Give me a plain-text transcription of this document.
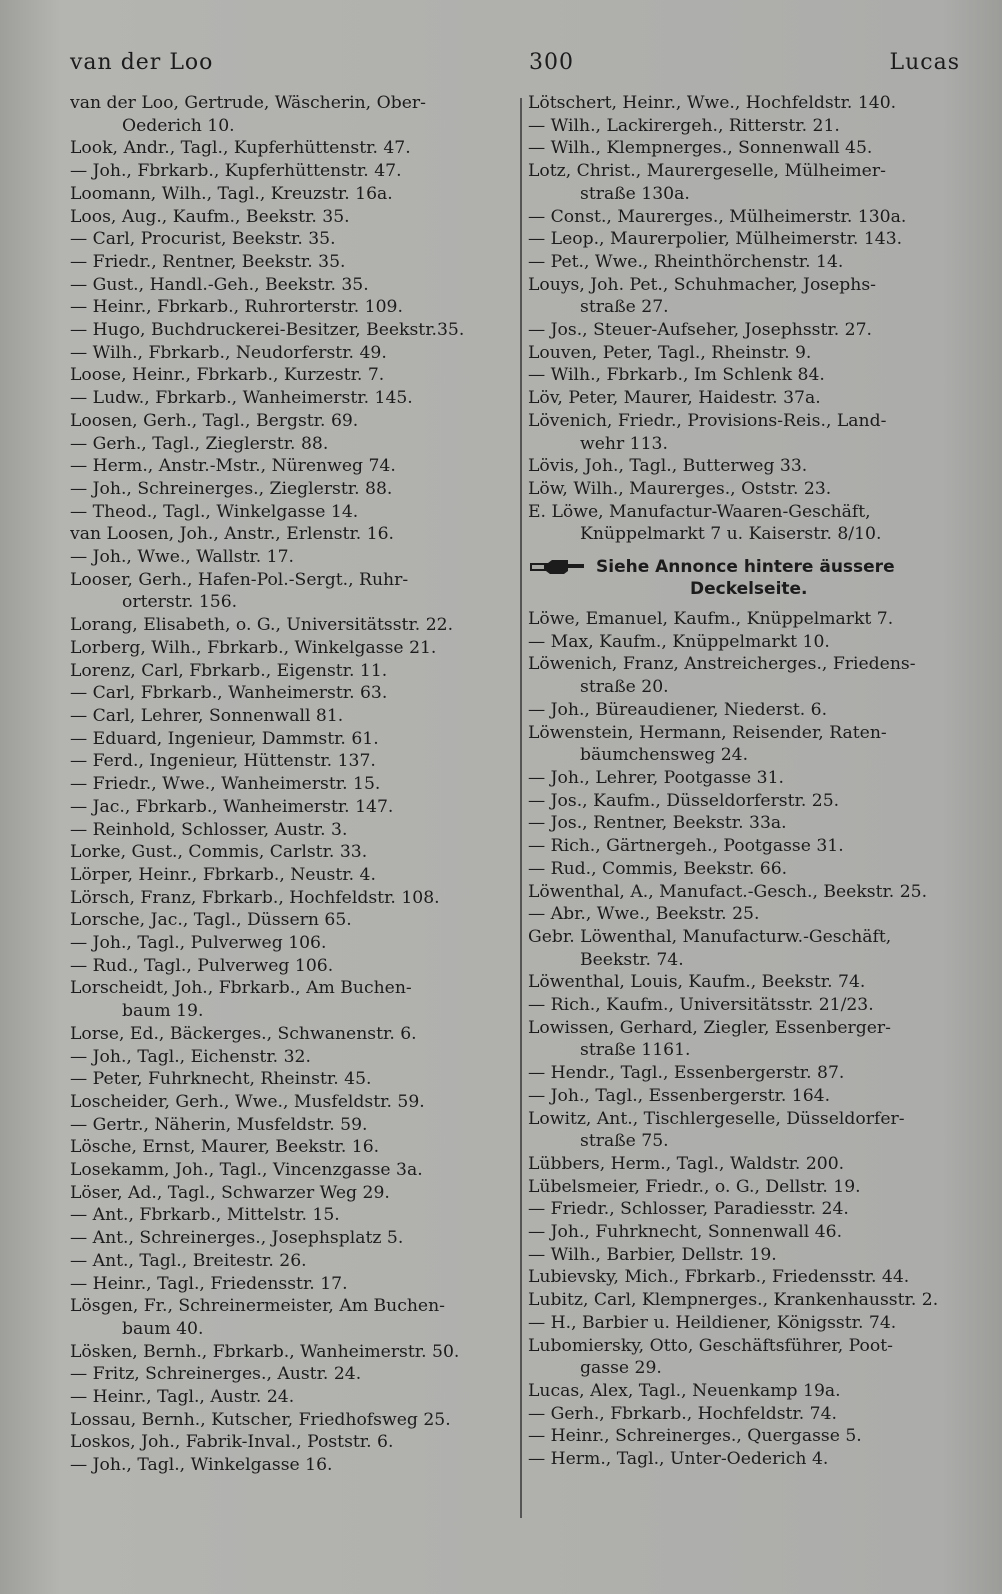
van der Loo	300	Lucas
van der Loo, Gertrude, Wäscherin, Ober-
Oederich 10.
Look, Andr., Tagl., Kupferhüttenstr. 47.
— Joh., Fbrkarb., Kupferhüttenstr. 47.
Loomann, Wilh., Tagl., Kreuzstr. 16a.
Loos, Aug., Kaufm., Beekstr. 35.
— Carl, Procurist, Beekstr. 35.
— Friedr., Rentner, Beekstr. 35.
— Gust., Handl.-Geh., Beekstr. 35.
— Heinr., Fbrkarb., Ruhrorterstr. 109.
— Hugo, Buchdruckerei-Besitzer, Beekstr.35.
— Wilh., Fbrkarb., Neudorferstr. 49.
Loose, Heinr., Fbrkarb., Kurzestr. 7.
— Ludw., Fbrkarb., Wanheimerstr. 145.
Loosen, Gerh., Tagl., Bergstr. 69.
— Gerh., Tagl., Zieglerstr. 88.
— Herm., Anstr.-Mstr., Nürenweg 74.
— Joh., Schreinerges., Zieglerstr. 88.
— Theod., Tagl., Winkelgasse 14.
van Loosen, Joh., Anstr., Erlenstr. 16.
— Joh., Wwe., Wallstr. 17.
Looser, Gerh., Hafen-Pol.-Sergt., Ruhr-
orterstr. 156.
Lorang, Elisabeth, o. G., Universitätsstr. 22.
Lorberg, Wilh., Fbrkarb., Winkelgasse 21.
Lorenz, Carl, Fbrkarb., Eigenstr. 11.
— Carl, Fbrkarb., Wanheimerstr. 63.
— Carl, Lehrer, Sonnenwall 81.
— Eduard, Ingenieur, Dammstr. 61.
— Ferd., Ingenieur, Hüttenstr. 137.
— Friedr., Wwe., Wanheimerstr. 15.
— Jac., Fbrkarb., Wanheimerstr. 147.
— Reinhold, Schlosser, Austr. 3.
Lorke, Gust., Commis, Carlstr. 33.
Lörper, Heinr., Fbrkarb., Neustr. 4.
Lörsch, Franz, Fbrkarb., Hochfeldstr. 108.
Lorsche, Jac., Tagl., Düssern 65.
— Joh., Tagl., Pulverweg 106.
— Rud., Tagl., Pulverweg 106.
Lorscheidt, Joh., Fbrkarb., Am Buchen-
baum 19.
Lorse, Ed., Bäckerges., Schwanenstr. 6.
— Joh., Tagl., Eichenstr. 32.
— Peter, Fuhrknecht, Rheinstr. 45.
Loscheider, Gerh., Wwe., Musfeldstr. 59.
— Gertr., Näherin, Musfeldstr. 59.
Lösche, Ernst, Maurer, Beekstr. 16.
Losekamm, Joh., Tagl., Vincenzgasse 3a.
Löser, Ad., Tagl., Schwarzer Weg 29.
— Ant., Fbrkarb., Mittelstr. 15.
— Ant., Schreinerges., Josephsplatz 5.
— Ant., Tagl., Breitestr. 26.
— Heinr., Tagl., Friedensstr. 17.
Lösgen, Fr., Schreinermeister, Am Buchen-
baum 40.
Lösken, Bernh., Fbrkarb., Wanheimerstr. 50.
— Fritz, Schreinerges., Austr. 24.
— Heinr., Tagl., Austr. 24.
Lossau, Bernh., Kutscher, Friedhofsweg 25.
Loskos, Joh., Fabrik-Inval., Poststr. 6.
— Joh., Tagl., Winkelgasse 16.
Lötschert, Heinr., Wwe., Hochfeldstr. 140.
— Wilh., Lackirergeh., Ritterstr. 21.
— Wilh., Klempnerges., Sonnenwall 45.
Lotz, Christ., Maurergeselle, Mülheimer-
straße 130a.
— Const., Maurerges., Mülheimerstr. 130a.
— Leop., Maurerpolier, Mülheimerstr. 143.
— Pet., Wwe., Rheinthörchenstr. 14.
Louys, Joh. Pet., Schuhmacher, Josephs-
straße 27.
— Jos., Steuer-Aufseher, Josephsstr. 27.
Louven, Peter, Tagl., Rheinstr. 9.
— Wilh., Fbrkarb., Im Schlenk 84.
Löv, Peter, Maurer, Haidestr. 37a.
Lövenich, Friedr., Provisions-Reis., Land-
wehr 113.
Lövis, Joh., Tagl., Butterweg 33.
Löw, Wilh., Maurerges., Oststr. 23.
E. Löwe, Manufactur-Waaren-Geschäft,
Knüppelmarkt 7 u. Kaiserstr. 8/10.
Siehe Annonce hintere äussere
Deckelseite.
Löwe, Emanuel, Kaufm., Knüppelmarkt 7.
— Max, Kaufm., Knüppelmarkt 10.
Löwenich, Franz, Anstreicherges., Friedens-
straße 20.
— Joh., Büreaudiener, Niederst. 6.
Löwenstein, Hermann, Reisender, Raten-
bäumchensweg 24.
— Joh., Lehrer, Pootgasse 31.
— Jos., Kaufm., Düsseldorferstr. 25.
— Jos., Rentner, Beekstr. 33a.
— Rich., Gärtnergeh., Pootgasse 31.
— Rud., Commis, Beekstr. 66.
Löwenthal, A., Manufact.-Gesch., Beekstr. 25.
— Abr., Wwe., Beekstr. 25.
Gebr. Löwenthal, Manufacturw.-Geschäft,
Beekstr. 74.
Löwenthal, Louis, Kaufm., Beekstr. 74.
— Rich., Kaufm., Universitätsstr. 21/23.
Lowissen, Gerhard, Ziegler, Essenberger-
straße 1161.
— Hendr., Tagl., Essenbergerstr. 87.
— Joh., Tagl., Essenbergerstr. 164.
Lowitz, Ant., Tischlergeselle, Düsseldorfer-
straße 75.
Lübbers, Herm., Tagl., Waldstr. 200.
Lübelsmeier, Friedr., o. G., Dellstr. 19.
— Friedr., Schlosser, Paradiesstr. 24.
— Joh., Fuhrknecht, Sonnenwall 46.
— Wilh., Barbier, Dellstr. 19.
Lubievsky, Mich., Fbrkarb., Friedensstr. 44.
Lubitz, Carl, Klempnerges., Krankenhausstr. 2.
— H., Barbier u. Heildiener, Königsstr. 74.
Lubomiersky, Otto, Geschäftsführer, Poot-
gasse 29.
Lucas, Alex, Tagl., Neuenkamp 19a.
— Gerh., Fbrkarb., Hochfeldstr. 74.
— Heinr., Schreinerges., Quergasse 5.
— Herm., Tagl., Unter-Oederich 4.
